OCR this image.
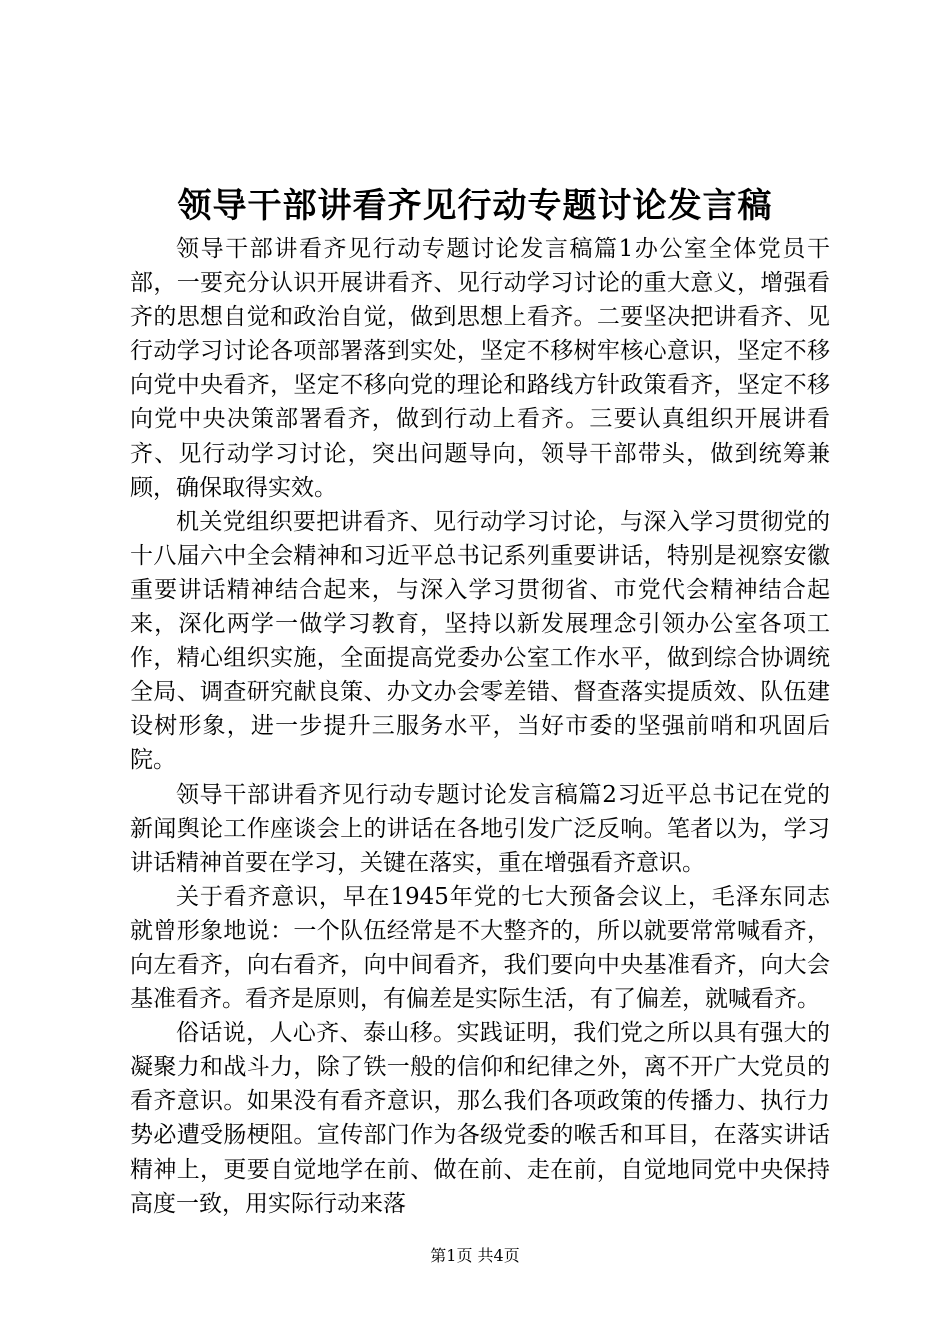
领导干部讲看齐见行动专题讨论发言稿

领导干部讲看齐见行动专题讨论发言稿篇1办公室全体党员干部，一要充分认识开展讲看齐、见行动学习讨论的重大意义，增强看齐的思想自觉和政治自觉，做到思想上看齐。二要坚决把讲看齐、见行动学习讨论各项部署落到实处，坚定不移树牢核心意识，坚定不移向党中央看齐，坚定不移向党的理论和路线方针政策看齐，坚定不移向党中央决策部署看齐，做到行动上看齐。三要认真组织开展讲看齐、见行动学习讨论，突出问题导向，领导干部带头，做到统筹兼顾，确保取得实效。

机关党组织要把讲看齐、见行动学习讨论，与深入学习贯彻党的十八届六中全会精神和习近平总书记系列重要讲话，特别是视察安徽重要讲话精神结合起来，与深入学习贯彻省、市党代会精神结合起来，深化两学一做学习教育，坚持以新发展理念引领办公室各项工作，精心组织实施，全面提高党委办公室工作水平，做到综合协调统全局、调查研究献良策、办文办会零差错、督查落实提质效、队伍建设树形象，进一步提升三服务水平，当好市委的坚强前哨和巩固后院。

领导干部讲看齐见行动专题讨论发言稿篇2习近平总书记在党的新闻舆论工作座谈会上的讲话在各地引发广泛反响。笔者以为，学习讲话精神首要在学习，关键在落实，重在增强看齐意识。

关于看齐意识，早在1945年党的七大预备会议上，毛泽东同志就曾形象地说：一个队伍经常是不大整齐的，所以就要常常喊看齐，向左看齐，向右看齐，向中间看齐，我们要向中央基准看齐，向大会基准看齐。看齐是原则，有偏差是实际生活，有了偏差，就喊看齐。

俗话说，人心齐、泰山移。实践证明，我们党之所以具有强大的凝聚力和战斗力，除了铁一般的信仰和纪律之外，离不开广大党员的看齐意识。如果没有看齐意识，那么我们各项政策的传播力、执行力势必遭受肠梗阻。宣传部门作为各级党委的喉舌和耳目，在落实讲话精神上，更要自觉地学在前、做在前、走在前，自觉地同党中央保持高度一致，用实际行动来落

第1页 共4页
